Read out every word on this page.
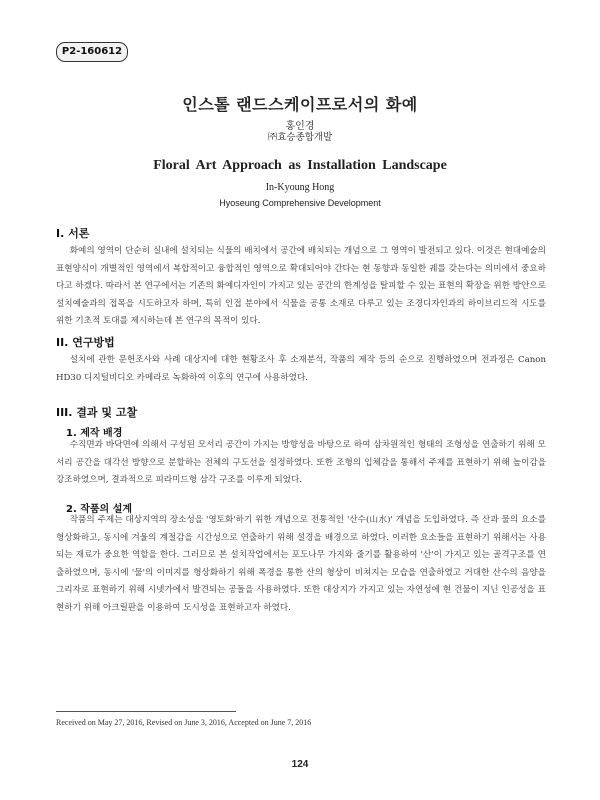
P2-160612
인스톨 랜드스케이프로서의 화예
홍인경
㈜효승종합개발
Floral Art Approach as Installation Landscape
In-Kyoung Hong
Hyoseung Comprehensive Development
I. 서론

화예의 영역이 단순히 실내에 설치되는 식물의 배치에서 공간에 배치되는 개념으로 그 영역이 발전되고 있다. 이것은 현대예술의 표현양식이 개별적인 영역에서 복합적이고 융합적인 영역으로 확대되어야 간다는 현 동향과 동일한 궤를 갖는다는 의미에서 중요하다고 하겠다. 따라서 본 연구에서는 기존의 화예디자인이 가지고 있는 공간의 한계성을 탈피할 수 있는 표현의 확장을 위한 방안으로 설치예술과의 접목을 시도하고자 하며, 특히 인접 분야에서 식물을 공통 소재로 다루고 있는 조경디자인과의 하이브리드적 시도를 위한 기초적 토대를 제시하는데 본 연구의 목적이 있다.

II. 연구방법

설치에 관한 문헌조사와 사례 대상지에 대한 현황조사 후 소재분석, 작품의 제작 등의 순으로 진행하였으며 전과정은 Canon HD30 디지털비디오 카메라로 녹화하여 이후의 연구에 사용하였다.

III. 결과 및 고찰
1. 제작 배경

수직면과 바닥면에 의해서 구성된 모서리 공간이 가지는 방향성을 바탕으로 하여 삼차원적인 형태의 조형성을 연출하기 위해 모서리 공간을 대각선 방향으로 분할하는 전체의 구도선을 설정하였다. 또한 조형의 입체감을 통해서 주제를 표현하기 위해 높이감을 강조하였으며, 결과적으로 피라미드형 삼각 구조를 이루게 되었다.

2. 작품의 설계

작품의 주제는 대상지역의 장소성을 '영토화'하기 위한 개념으로 전통적인 '산수(山水)' 개념을 도입하였다. 즉 산과 물의 요소를 형상화하고, 동시에 겨울의 계절감을 시간성으로 연출하기 위해 설경을 배경으로 하였다. 이러한 요소들을 표현하기 위해서는 사용되는 재료가 중요한 역할을 한다. 그러므로 본 설치작업에서는 포도나무 가지와 줄기를 활용하여 '산'이 가지고 있는 골격구조를 연출하였으며, 동시에 '물'의 이미지를 형상화하기 위해 폭경을 통한 산의 형상이 비쳐지는 모습을 연출하였고 거대한 산수의 음양을 그리자로 표현하기 위해 시넷가에서 발견되는 공돌을 사용하였다. 또한 대상지가 가지고 있는 자연성에 현 건물이 지닌 인공성을 표현하기 위해 아크릴판을 이용하여 도시성을 표현하고자 하였다.

Received on May 27, 2016, Revised on June 3, 2016, Accepted on June 7, 2016
124
